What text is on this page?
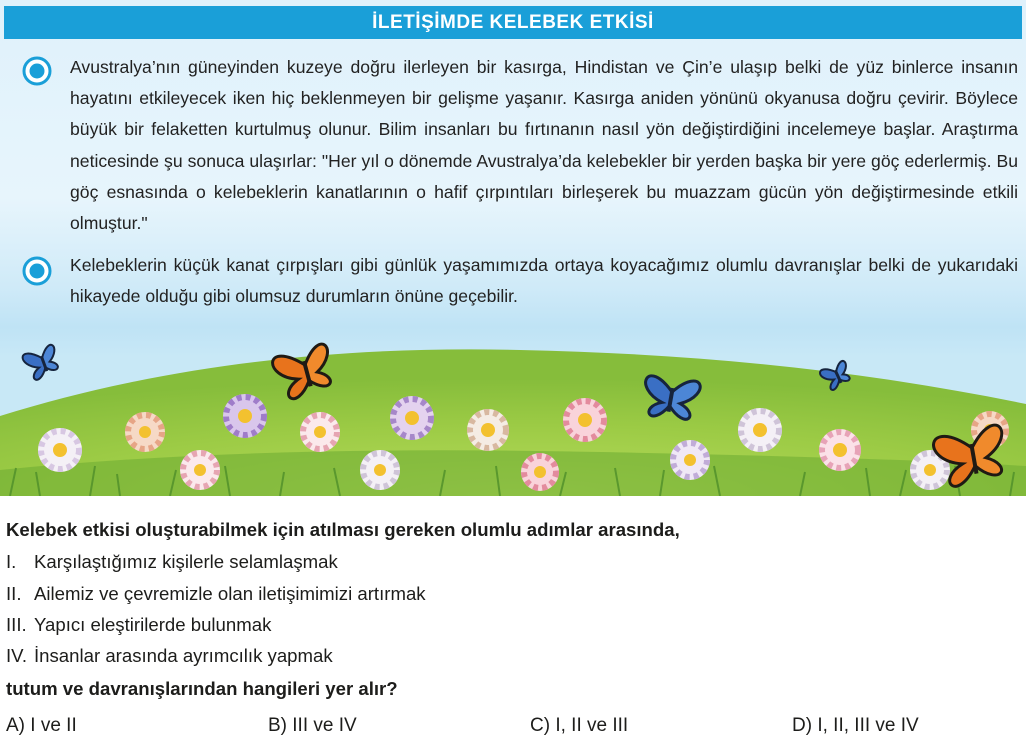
İLETİŞİMDE KELEBEK ETKİSİ
Avustralya’nın güneyinden kuzeye doğru ilerleyen bir kasırga, Hindistan ve Çin’e ulaşıp belki de yüz binlerce insanın hayatını etkileyecek iken hiç beklenmeyen bir gelişme yaşanır. Kasırga aniden yönünü okyanusa doğru çevirir. Böylece büyük bir felaketten kurtulmuş olunur. Bilim insanları bu fırtınanın nasıl yön değiştirdiğini incelemeye başlar. Araştırma neticesinde şu sonuca ulaşırlar: "Her yıl o dönemde Avustralya’da kelebekler bir yerden başka bir yere göç ederlermiş. Bu göç esnasında o kelebeklerin kanatlarının o hafif çırpıntıları birleşerek bu muazzam gücün yön değiştirmesinde etkili olmuştur."
Kelebeklerin küçük kanat çırpışları gibi günlük yaşamımızda ortaya koyacağımız olumlu davranışlar belki de yukarıdaki hikayede olduğu gibi olumsuz durumların önüne geçebilir.
Kelebek etkisi oluşturabilmek için atılması gereken olumlu adımlar arasında,
I. Karşılaştığımız kişilerle selamlaşmak
II. Ailemiz ve çevremizle olan iletişimimizi artırmak
III. Yapıcı eleştirilerde bulunmak
IV. İnsanlar arasında ayrımcılık yapmak
tutum ve davranışlarından hangileri yer alır?
A) I ve II	B) III ve IV	C) I, II ve III	D) I, II, III ve IV
